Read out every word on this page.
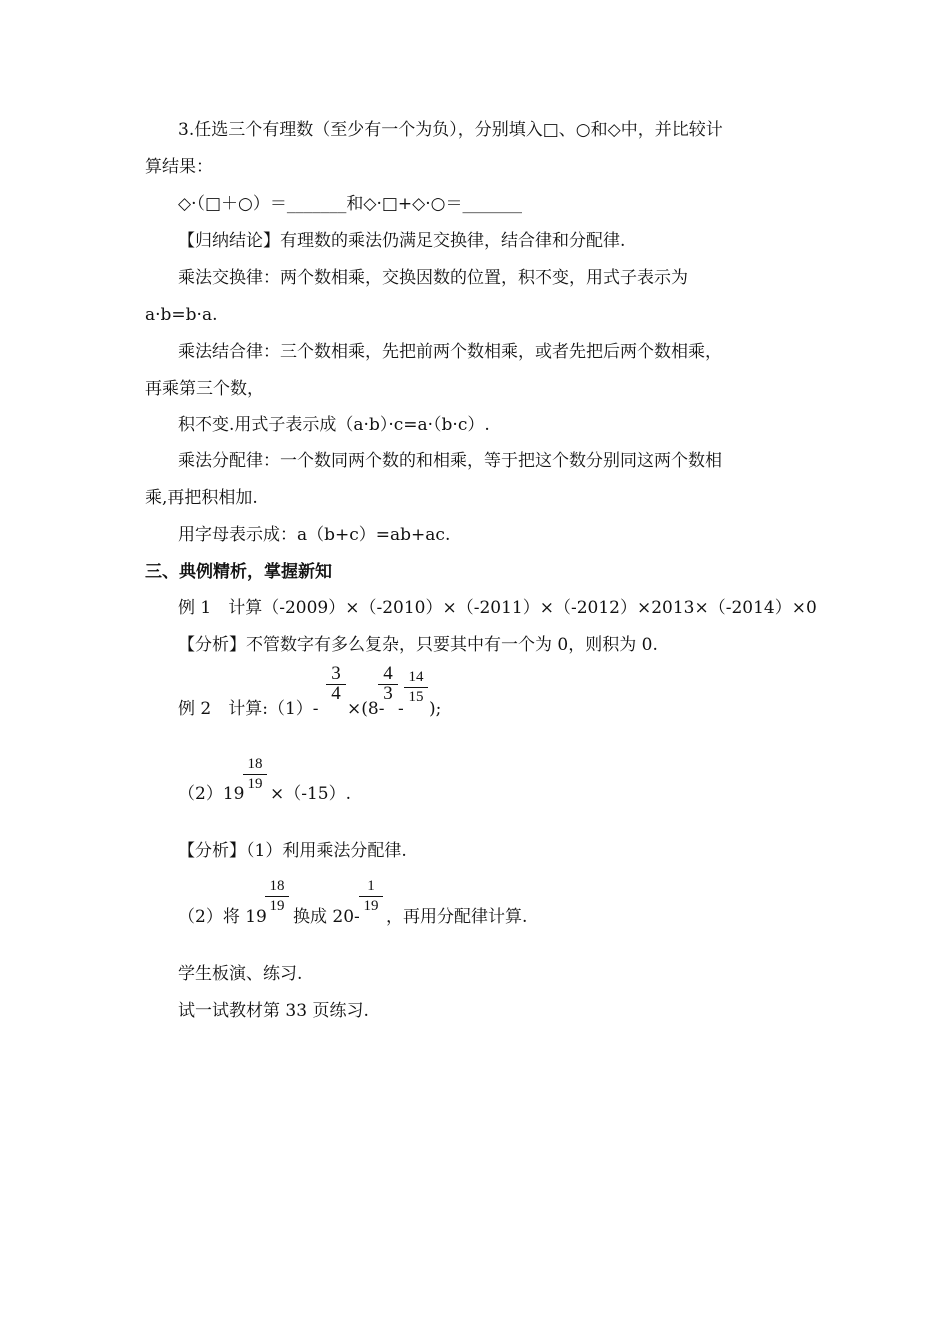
3.任选三个有理数（至少有一个为负），分别填入□、○和◇中，并比较计
算结果：
◇·（□＋○）＝_______和◇·□+◇·○＝_______
【归纳结论】有理数的乘法仍满足交换律，结合律和分配律.
乘法交换律：两个数相乘，交换因数的位置，积不变，用式子表示为
a·b=b·a.
乘法结合律：三个数相乘，先把前两个数相乘，或者先把后两个数相乘，
再乘第三个数，
积不变.用式子表示成（a·b）·c=a·（b·c）.
乘法分配律：一个数同两个数的和相乘，等于把这个数分别同这两个数相
乘,再把积相加.
用字母表示成：a（b+c）=ab+ac.
三、典例精析，掌握新知
例 1　计算（-2009）×（-2010）×（-2011）×（-2012）×2013×（-2014）×0
【分析】不管数字有多么复杂，只要其中有一个为 0，则积为 0.
例 2　计算:（1）-
$\frac{3}{4}$
×(8-
$\frac{4}{3}$
-
$\frac{14}{15}$
);
（2）19
$\frac{18}{19}$
×（-15）.
【分析】（1）利用乘法分配律.
（2）将 19
$\frac{18}{19}$
换成 20-
$\frac{1}{19}$
，再用分配律计算.
学生板演、练习.
试一试教材第 33 页练习.
